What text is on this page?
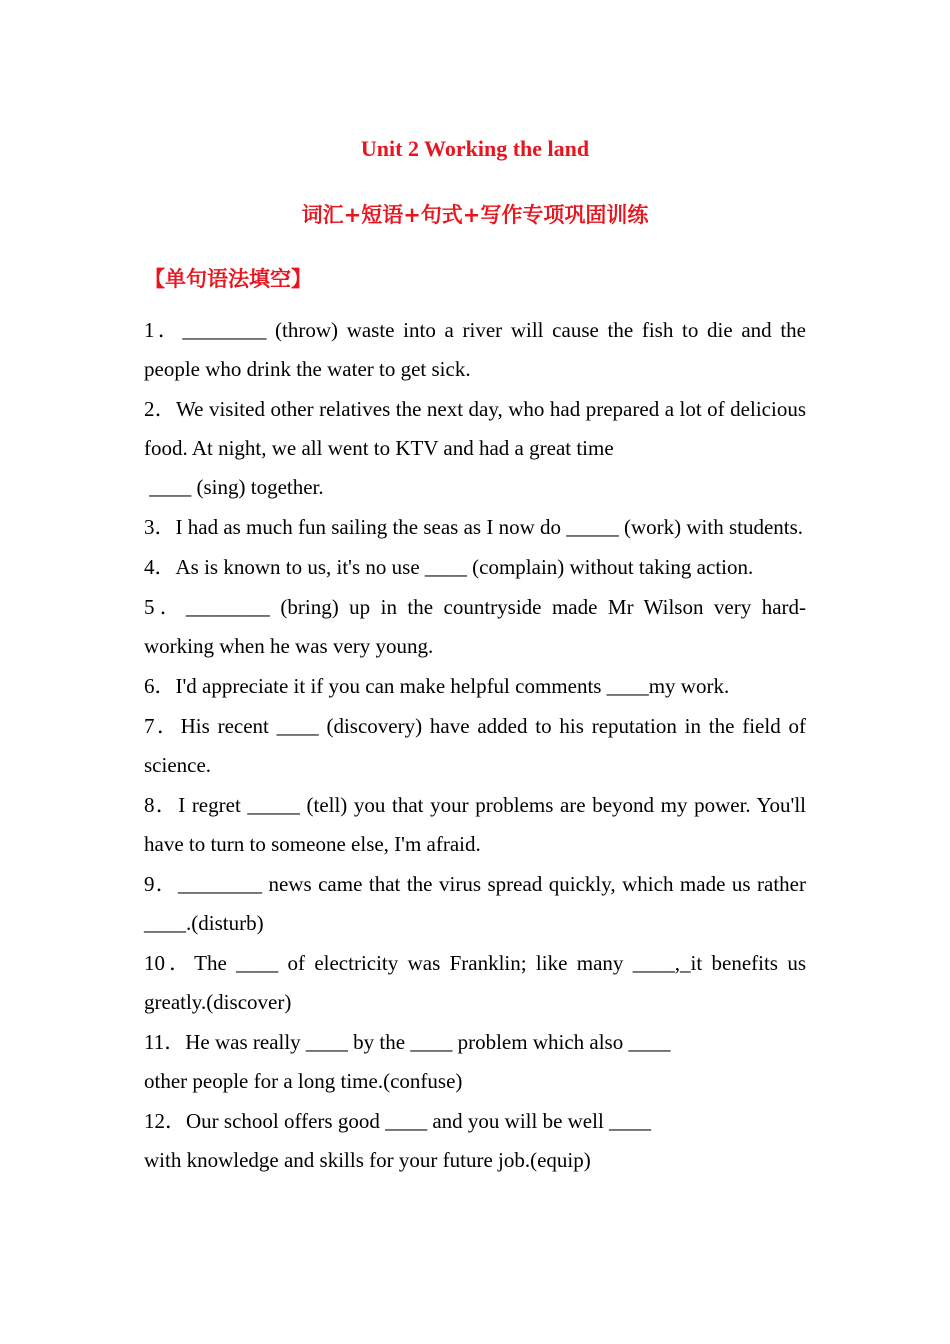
Unit 2 Working the land
词汇+短语+句式+写作专项巩固训练
【单句语法填空】

1．________ (throw) waste into a river will cause the fish to die and the people who drink the water to get sick.

2．We visited other relatives the next day, who had prepared a lot of delicious food. At night, we all went to KTV and had a great time
____ (sing) together.

3．I had as much fun sailing the seas as I now do _____ (work) with students.

4．As is known to us, it's no use ____ (complain) without taking action.

5．________ (bring) up in the countryside made Mr Wilson very hard-working when he was very young.

6．I'd appreciate it if you can make helpful comments ____my work.

7．His recent ____ (discovery) have added to his reputation in the field of science.

8．I regret _____ (tell) you that your problems are beyond my power. You'll have to turn to someone else, I'm afraid.

9．________ news came that the virus spread quickly, which made us rather ____.(disturb)

10．The ____ of electricity was Franklin; like many ____,_it benefits us greatly.(discover)

11．He was really ____ by the ____ problem which also ____
other people for a long time.(confuse)

12．Our school offers good ____ and you will be well ____
with knowledge and skills for your future job.(equip)
